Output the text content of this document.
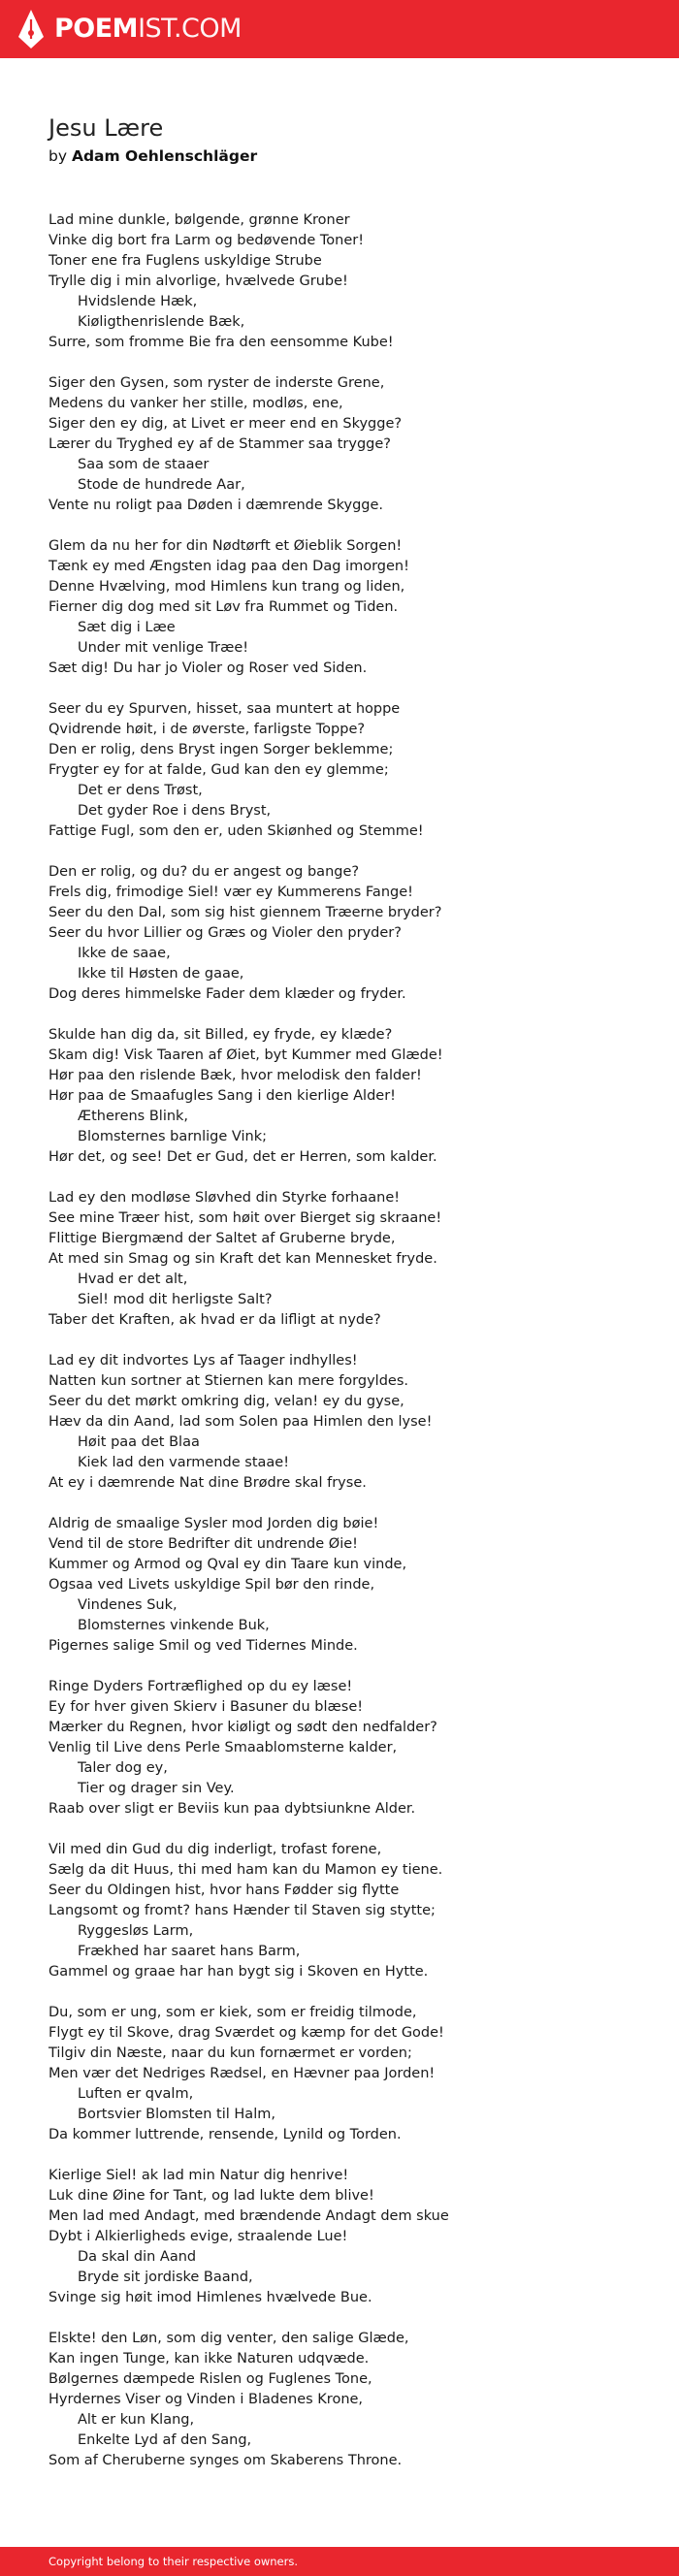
POEMIST.COM
Jesu Lære
by Adam Oehlenschläger
Lad mine dunkle, bølgende, grønne Kroner
Vinke dig bort fra Larm og bedøvende Toner!
Toner ene fra Fuglens uskyldige Strube
Trylle dig i min alvorlige, hvælvede Grube!
Hvidslende Hæk,
Kiøligthenrislende Bæk,
Surre, som fromme Bie fra den eensomme Kube!
Siger den Gysen, som ryster de inderste Grene,
Medens du vanker her stille, modløs, ene,
Siger den ey dig, at Livet er meer end en Skygge?
Lærer du Tryghed ey af de Stammer saa trygge?
Saa som de staaer
Stode de hundrede Aar,
Vente nu roligt paa Døden i dæmrende Skygge.
Glem da nu her for din Nødtørft et Øieblik Sorgen!
Tænk ey med Ængsten idag paa den Dag imorgen!
Denne Hvælving, mod Himlens kun trang og liden,
Fierner dig dog med sit Løv fra Rummet og Tiden.
Sæt dig i Læe
Under mit venlige Træe!
Sæt dig! Du har jo Violer og Roser ved Siden.
Seer du ey Spurven, hisset, saa muntert at hoppe
Qvidrende høit, i de øverste, farligste Toppe?
Den er rolig, dens Bryst ingen Sorger beklemme;
Frygter ey for at falde, Gud kan den ey glemme;
Det er dens Trøst,
Det gyder Roe i dens Bryst,
Fattige Fugl, som den er, uden Skiønhed og Stemme!
Den er rolig, og du? du er angest og bange?
Frels dig, frimodige Siel! vær ey Kummerens Fange!
Seer du den Dal, som sig hist giennem Træerne bryder?
Seer du hvor Lillier og Græs og Violer den pryder?
Ikke de saae,
Ikke til Høsten de gaae,
Dog deres himmelske Fader dem klæder og fryder.
Skulde han dig da, sit Billed, ey fryde, ey klæde?
Skam dig! Visk Taaren af Øiet, byt Kummer med Glæde!
Hør paa den rislende Bæk, hvor melodisk den falder!
Hør paa de Smaafugles Sang i den kierlige Alder!
Ætherens Blink,
Blomsternes barnlige Vink;
Hør det, og see! Det er Gud, det er Herren, som kalder.
Lad ey den modløse Sløvhed din Styrke forhaane!
See mine Træer hist, som høit over Bierget sig skraane!
Flittige Biergmænd der Saltet af Gruberne bryde,
At med sin Smag og sin Kraft det kan Mennesket fryde.
Hvad er det alt,
Siel! mod dit herligste Salt?
Taber det Kraften, ak hvad er da lifligt at nyde?
Lad ey dit indvortes Lys af Taager indhylles!
Natten kun sortner at Stiernen kan mere forgyldes.
Seer du det mørkt omkring dig, velan! ey du gyse,
Hæv da din Aand, lad som Solen paa Himlen den lyse!
Høit paa det Blaa
Kiek lad den varmende staae!
At ey i dæmrende Nat dine Brødre skal fryse.
Aldrig de smaalige Sysler mod Jorden dig bøie!
Vend til de store Bedrifter dit undrende Øie!
Kummer og Armod og Qval ey din Taare kun vinde,
Ogsaa ved Livets uskyldige Spil bør den rinde,
Vindenes Suk,
Blomsternes vinkende Buk,
Pigernes salige Smil og ved Tidernes Minde.
Ringe Dyders Fortræflighed op du ey læse!
Ey for hver given Skierv i Basuner du blæse!
Mærker du Regnen, hvor kiøligt og sødt den nedfalder?
Venlig til Live dens Perle Smaablomsterne kalder,
Taler dog ey,
Tier og drager sin Vey.
Raab over sligt er Beviis kun paa dybtsiunkne Alder.
Vil med din Gud du dig inderligt, trofast forene,
Sælg da dit Huus, thi med ham kan du Mamon ey tiene.
Seer du Oldingen hist, hvor hans Fødder sig flytte
Langsomt og fromt? hans Hænder til Staven sig stytte;
Ryggesløs Larm,
Frækhed har saaret hans Barm,
Gammel og graae har han bygt sig i Skoven en Hytte.
Du, som er ung, som er kiek, som er freidig tilmode,
Flygt ey til Skove, drag Sværdet og kæmp for det Gode!
Tilgiv din Næste, naar du kun fornærmet er vorden;
Men vær det Nedriges Rædsel, en Hævner paa Jorden!
Luften er qvalm,
Bortsvier Blomsten til Halm,
Da kommer luttrende, rensende, Lynild og Torden.
Kierlige Siel! ak lad min Natur dig henrive!
Luk dine Øine for Tant, og lad lukte dem blive!
Men lad med Andagt, med brændende Andagt dem skue
Dybt i Alkierligheds evige, straalende Lue!
Da skal din Aand
Bryde sit jordiske Baand,
Svinge sig høit imod Himlenes hvælvede Bue.
Elskte! den Løn, som dig venter, den salige Glæde,
Kan ingen Tunge, kan ikke Naturen udqvæde.
Bølgernes dæmpede Rislen og Fuglenes Tone,
Hyrdernes Viser og Vinden i Bladenes Krone,
Alt er kun Klang,
Enkelte Lyd af den Sang,
Som af Cheruberne synges om Skaberens Throne.
Copyright belong to their respective owners.
